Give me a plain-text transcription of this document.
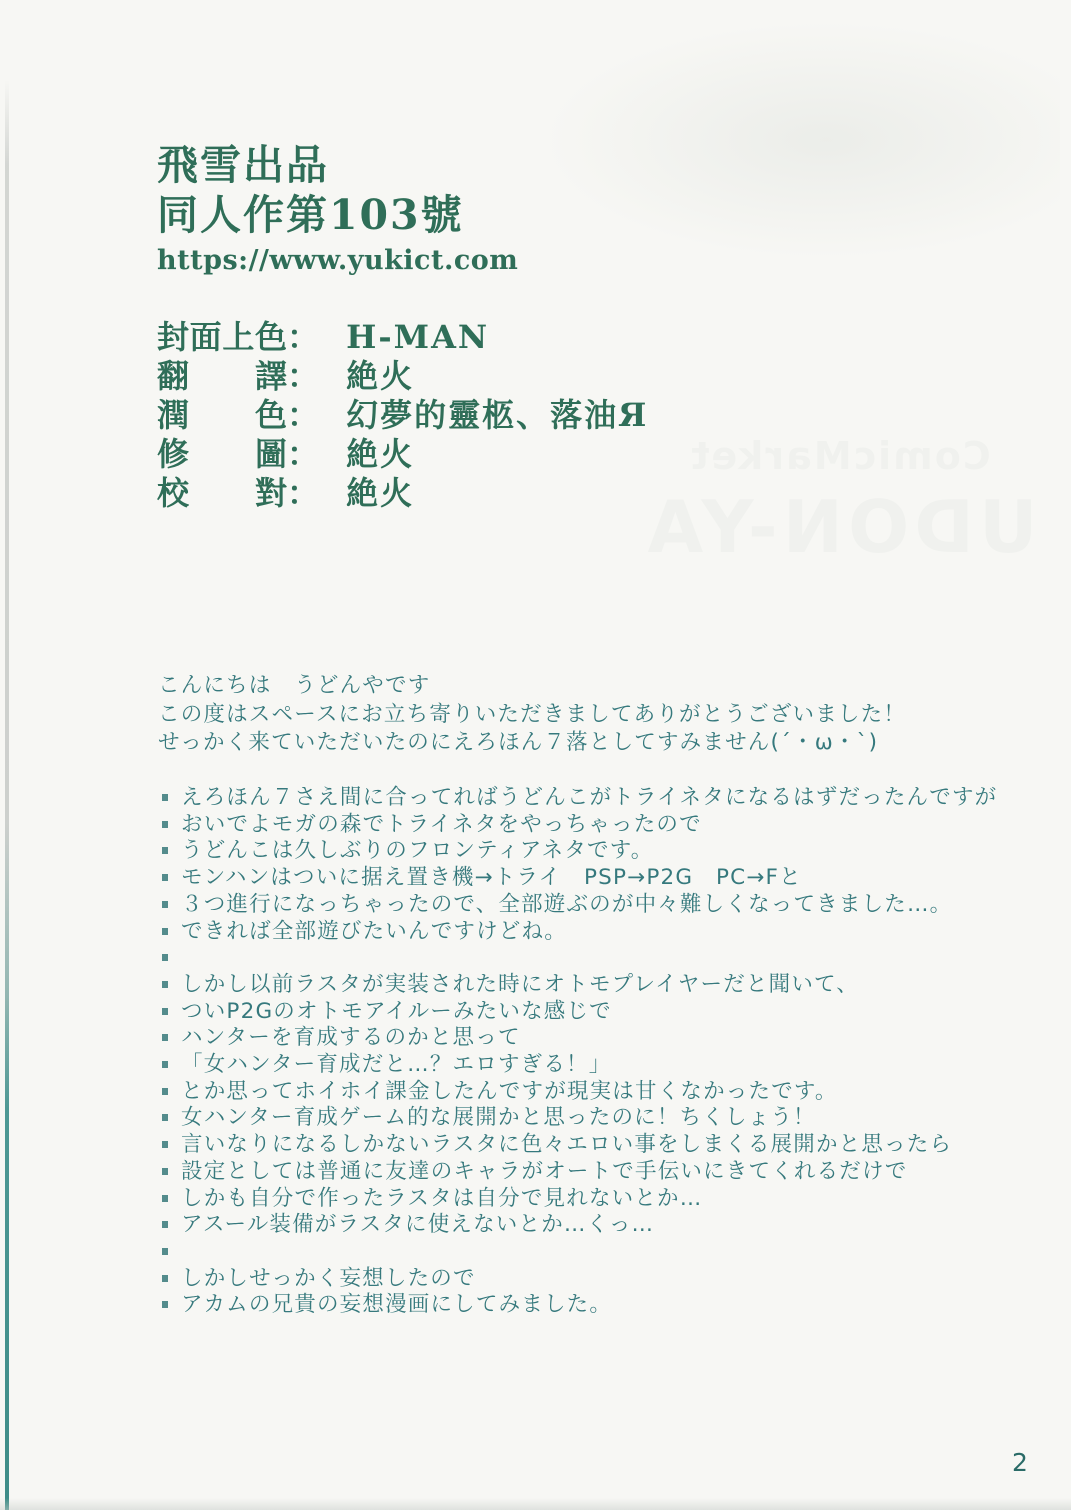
ComicMarket
UDON-YA
飛雪出品
同人作第103號
https://www.yukict.com
封面上色： H-MAN
翻　譯： 絶火
潤　色： 幻夢的靈柩、落油Я
修　圖： 絶火
校　對： 絶火
こんにちは　うどんやです
この度はスペースにお立ち寄りいただきましてありがとうございました！
せっかく来ていただいたのにえろほん７落としてすみません(´・ω・`)
えろほん７さえ間に合ってればうどんこがトライネタになるはずだったんですが
おいでよモガの森でトライネタをやっちゃったので
うどんこは久しぶりのフロンティアネタです。
モンハンはついに据え置き機→トライ　PSP→P2G　PC→Fと
３つ進行になっちゃったので、全部遊ぶのが中々難しくなってきました…。
できれば全部遊びたいんですけどね。
しかし以前ラスタが実装された時にオトモプレイヤーだと聞いて、
ついP2Gのオトモアイルーみたいな感じで
ハンターを育成するのかと思って
「女ハンター育成だと…？エロすぎる！」
とか思ってホイホイ課金したんですが現実は甘くなかったです。
女ハンター育成ゲーム的な展開かと思ったのに！ちくしょう！
言いなりになるしかないラスタに色々エロい事をしまくる展開かと思ったら
設定としては普通に友達のキャラがオートで手伝いにきてくれるだけで
しかも自分で作ったラスタは自分で見れないとか…
アスール装備がラスタに使えないとか…くっ…
しかしせっかく妄想したので
アカムの兄貴の妄想漫画にしてみました。
2
